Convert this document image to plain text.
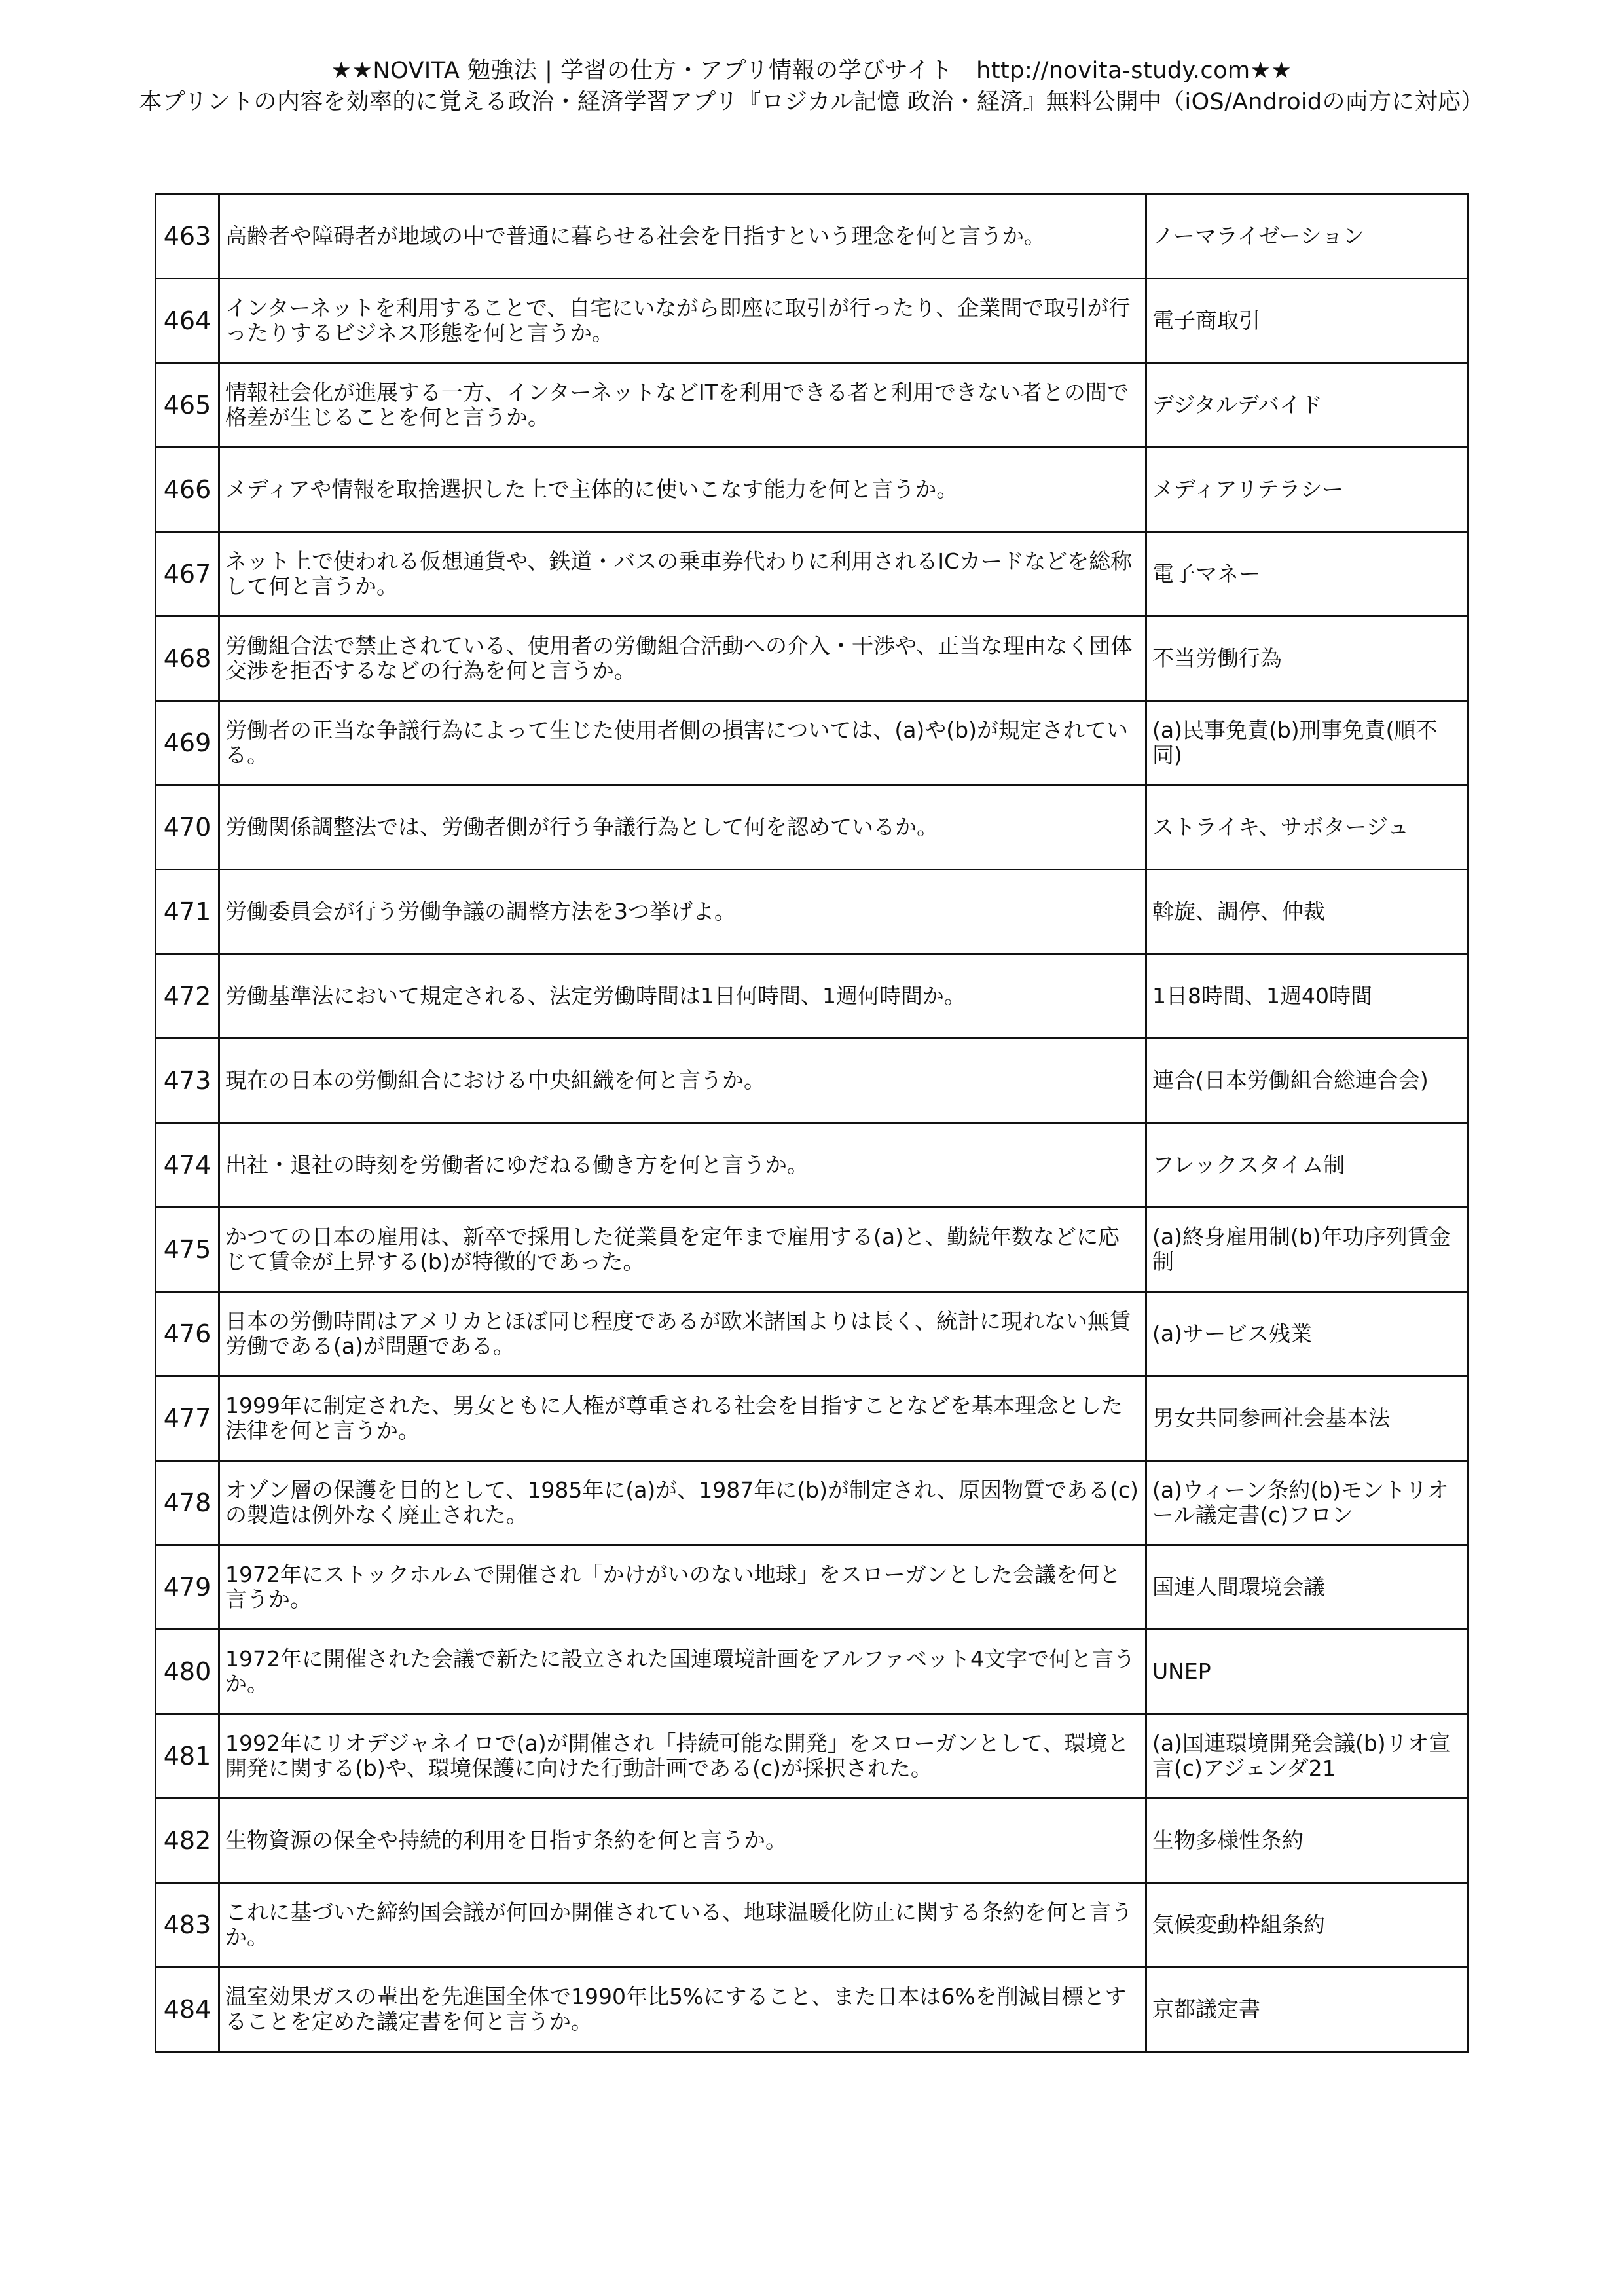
★★NOVITA 勉強法 | 学習の仕方・アプリ情報の学びサイト　http://novita-study.com★★
本プリントの内容を効率的に覚える政治・経済学習アプリ『ロジカル記憶 政治・経済』無料公開中（iOS/Androidの両方に対応）
463	高齢者や障碍者が地域の中で普通に暮らせる社会を目指すという理念を何と言うか。	ノーマライゼーション
464	インターネットを利用することで、自宅にいながら即座に取引が行ったり、企業間で取引が行ったりするビジネス形態を何と言うか。	電子商取引
465	情報社会化が進展する一方、インターネットなどITを利用できる者と利用できない者との間で格差が生じることを何と言うか。	デジタルデバイド
466	メディアや情報を取捨選択した上で主体的に使いこなす能力を何と言うか。	メディアリテラシー
467	ネット上で使われる仮想通貨や、鉄道・バスの乗車券代わりに利用されるICカードなどを総称して何と言うか。	電子マネー
468	労働組合法で禁止されている、使用者の労働組合活動への介入・干渉や、正当な理由なく団体交渉を拒否するなどの行為を何と言うか。	不当労働行為
469	労働者の正当な争議行為によって生じた使用者側の損害については、(a)や(b)が規定されている。	(a)民事免責(b)刑事免責(順不同)
470	労働関係調整法では、労働者側が行う争議行為として何を認めているか。	ストライキ、サボタージュ
471	労働委員会が行う労働争議の調整方法を3つ挙げよ。	斡旋、調停、仲裁
472	労働基準法において規定される、法定労働時間は1日何時間、1週何時間か。	1日8時間、1週40時間
473	現在の日本の労働組合における中央組織を何と言うか。	連合(日本労働組合総連合会)
474	出社・退社の時刻を労働者にゆだねる働き方を何と言うか。	フレックスタイム制
475	かつての日本の雇用は、新卒で採用した従業員を定年まで雇用する(a)と、勤続年数などに応じて賃金が上昇する(b)が特徴的であった。	(a)終身雇用制(b)年功序列賃金制
476	日本の労働時間はアメリカとほぼ同じ程度であるが欧米諸国よりは長く、統計に現れない無賃労働である(a)が問題である。	(a)サービス残業
477	1999年に制定された、男女ともに人権が尊重される社会を目指すことなどを基本理念とした法律を何と言うか。	男女共同参画社会基本法
478	オゾン層の保護を目的として、1985年に(a)が、1987年に(b)が制定され、原因物質である(c)の製造は例外なく廃止された。	(a)ウィーン条約(b)モントリオール議定書(c)フロン
479	1972年にストックホルムで開催され「かけがいのない地球」をスローガンとした会議を何と言うか。	国連人間環境会議
480	1972年に開催された会議で新たに設立された国連環境計画をアルファベット4文字で何と言うか。	UNEP
481	1992年にリオデジャネイロで(a)が開催され「持続可能な開発」をスローガンとして、環境と開発に関する(b)や、環境保護に向けた行動計画である(c)が採択された。	(a)国連環境開発会議(b)リオ宣言(c)アジェンダ21
482	生物資源の保全や持続的利用を目指す条約を何と言うか。	生物多様性条約
483	これに基づいた締約国会議が何回か開催されている、地球温暖化防止に関する条約を何と言うか。	気候変動枠組条約
484	温室効果ガスの輩出を先進国全体で1990年比5%にすること、また日本は6%を削減目標とすることを定めた議定書を何と言うか。	京都議定書
